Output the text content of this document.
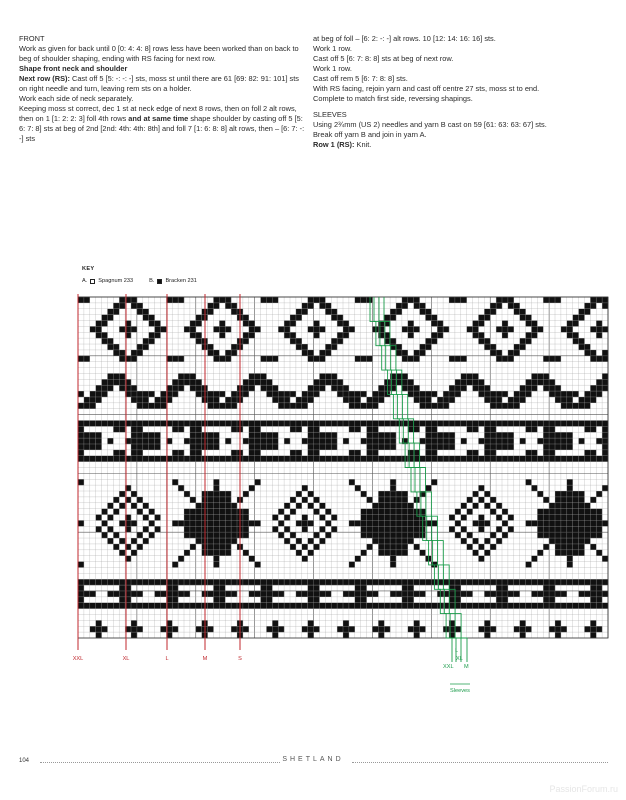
FRONT

Work as given for back until 0 [0: 4: 4: 8] rows less have been worked than on back to beg of shoulder shaping, ending with RS facing for next row.

Shape front neck and shoulder

Next row (RS): Cast off 5 [5: -: -: -] sts, moss st until there are 61 [69: 82: 91: 101] sts on right needle and turn, leaving rem sts on a holder.

Work each side of neck separately.

Keeping moss st correct, dec 1 st at neck edge of next 8 rows, then on foll 2 alt rows, then on 1 [1: 2: 2: 3] foll 4th rows and at same time shape shoulder by casting off 5 [5: 6: 7: 8] sts at beg of 2nd [2nd: 4th: 4th: 8th] and foll 7 [1: 6: 8: 8] alt rows, then – [6: 7: -: -] sts

at beg of foll – [6: 2: -: -] alt rows. 10 [12: 14: 16: 16] sts.

Work 1 row.

Cast off 5 [6: 7: 8: 8] sts at beg of next row.

Work 1 row.

Cast off rem 5 [6: 7: 8: 8] sts.

With RS facing, rejoin yarn and cast off centre 27 sts, moss st to end.

Complete to match first side, reversing shapings.

SLEEVES

Using 2¾mm (US 2) needles and yarn B cast on 59 [61: 63: 63: 67] sts.

Break off yarn B and join in yarn A.

Row 1 (RS): Knit.

KEY
A. Spagnum 233	B. Bracken 231
XXL	XL	L	M	S
L
XL
XXL M
Sleeves
104	SHETLAND
PassionForum.ru
